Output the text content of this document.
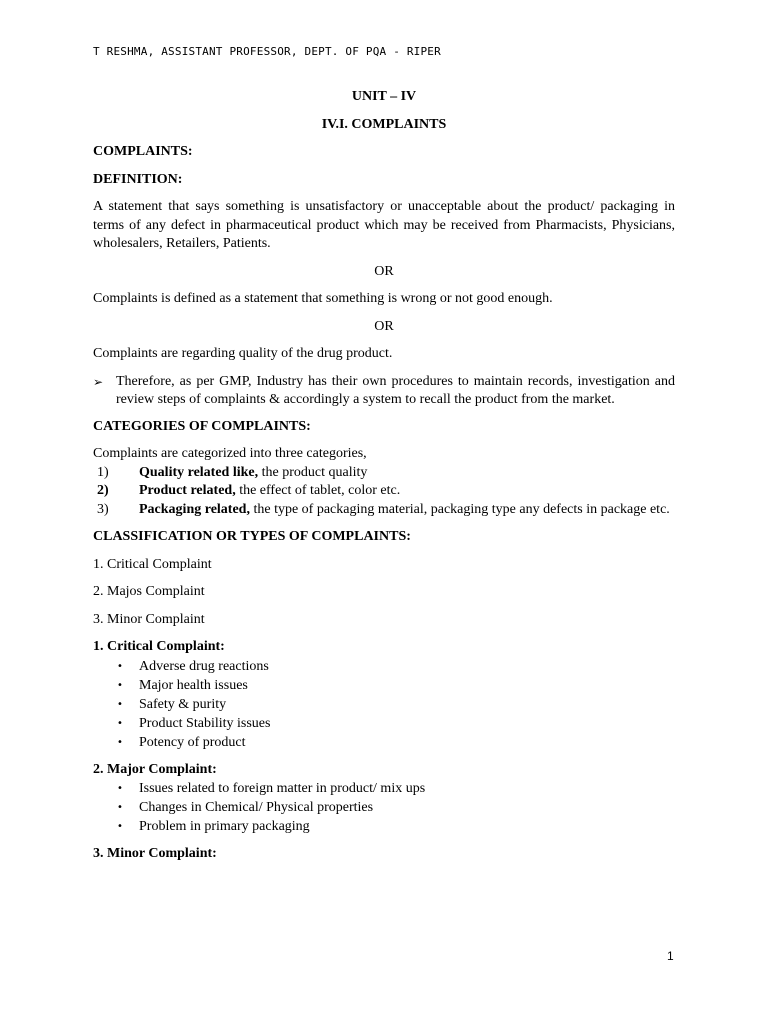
T RESHMA, ASSISTANT PROFESSOR, DEPT. OF PQA - RIPER

UNIT – IV

IV.I. COMPLAINTS

COMPLAINTS:

DEFINITION:

A statement that says something is unsatisfactory or unacceptable about the product/ packaging in terms of any defect in pharmaceutical product which may be received from Pharmacists, Physicians, wholesalers, Retailers, Patients.

OR

Complaints is defined as a statement that something is wrong or not good enough.

OR

Complaints are regarding quality of the drug product.

➢ Therefore, as per GMP, Industry has their own procedures to maintain records, investigation and review steps of complaints & accordingly a system to recall the product from the market.

CATEGORIES OF COMPLAINTS:

Complaints are categorized into three categories,

1)	Quality related like, the product quality
2)	Product related, the effect of tablet, color etc.
3)	Packaging related, the type of packaging material, packaging type any defects in package etc.

CLASSIFICATION OR TYPES OF COMPLAINTS:

1. Critical Complaint

2. Majos Complaint

3. Minor Complaint

1. Critical Complaint:

•	Adverse drug reactions
•	Major health issues
•	Safety & purity
•	Product Stability issues
•	Potency of product

2. Major Complaint:

•	Issues related to foreign matter in product/ mix ups
•	Changes in Chemical/ Physical properties
•	Problem in primary packaging

3. Minor Complaint:

1
